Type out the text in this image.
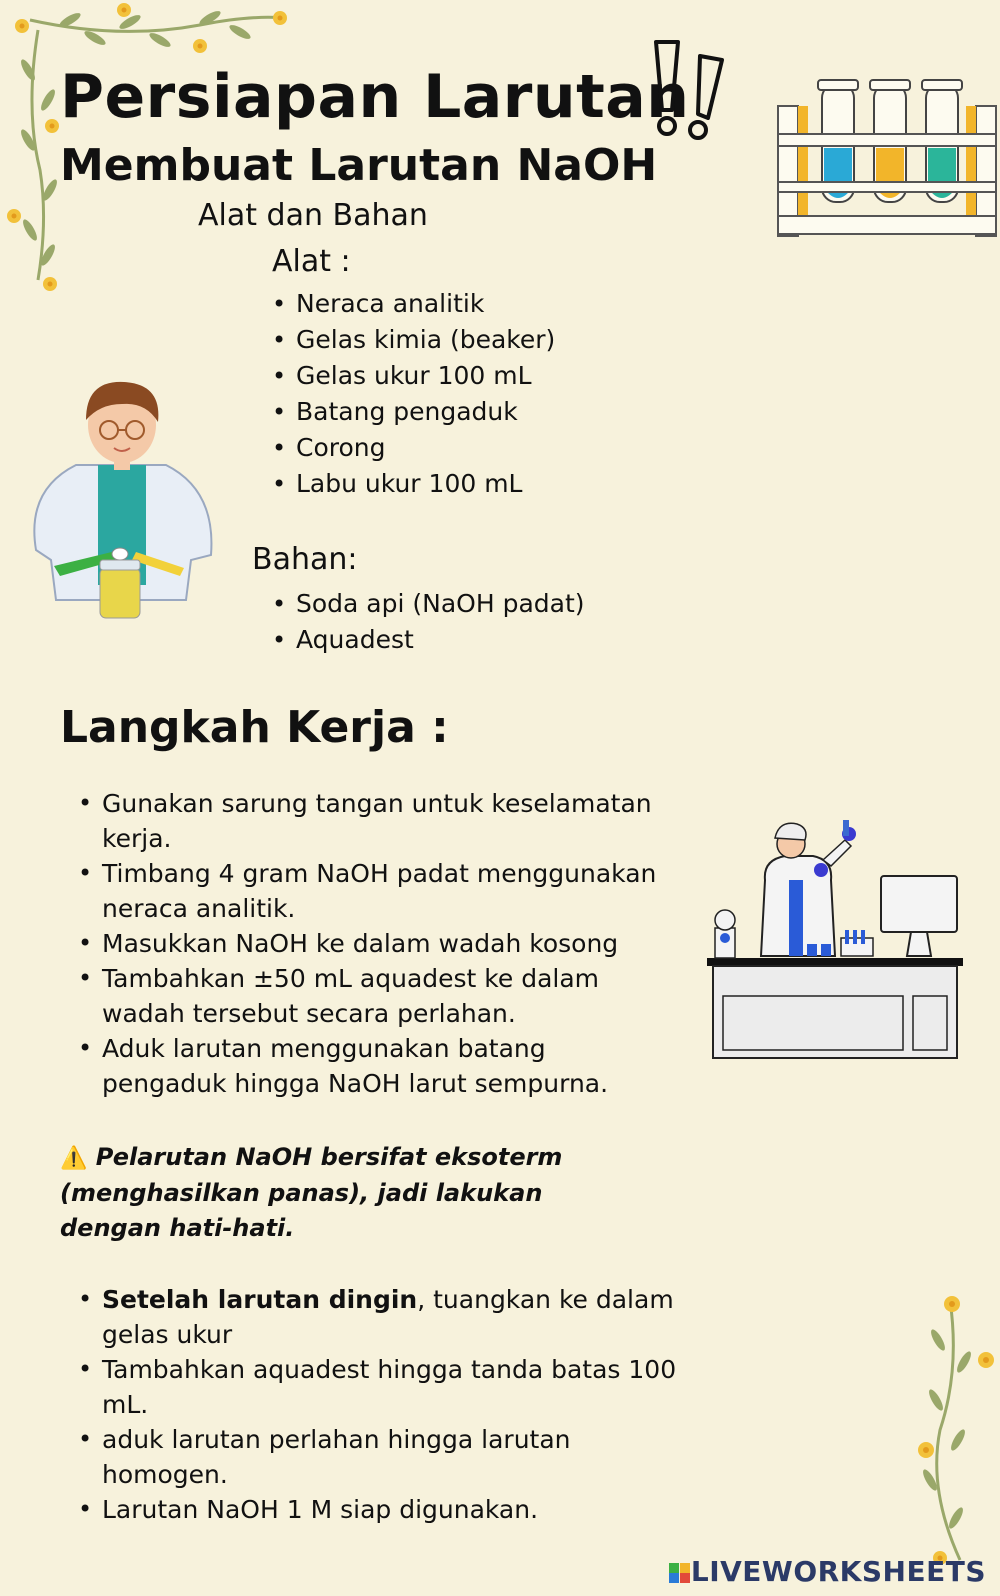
Persiapan Larutan
Membuat Larutan NaOH
Alat dan Bahan
Alat :
• Neraca analitik
• Gelas kimia (beaker)
• Gelas ukur 100 mL
• Batang pengaduk
• Corong
• Labu ukur 100 mL
Bahan:
• Soda api (NaOH padat)
• Aquadest
Langkah Kerja :
• Gunakan sarung tangan untuk keselamatan kerja.
• Timbang 4 gram NaOH padat menggunakan neraca analitik.
• Masukkan NaOH ke dalam wadah kosong
• Tambahkan ±50 mL aquadest ke dalam wadah tersebut secara perlahan.
• Aduk larutan menggunakan batang pengaduk hingga NaOH larut sempurna.
⚠️ Pelarutan NaOH bersifat eksoterm (menghasilkan panas), jadi lakukan dengan hati-hati.
• Setelah larutan dingin, tuangkan ke dalam gelas ukur
• Tambahkan aquadest hingga tanda batas 100 mL.
• aduk larutan perlahan hingga larutan homogen.
• Larutan NaOH 1 M siap digunakan.

LIVEWORKSHEETS
